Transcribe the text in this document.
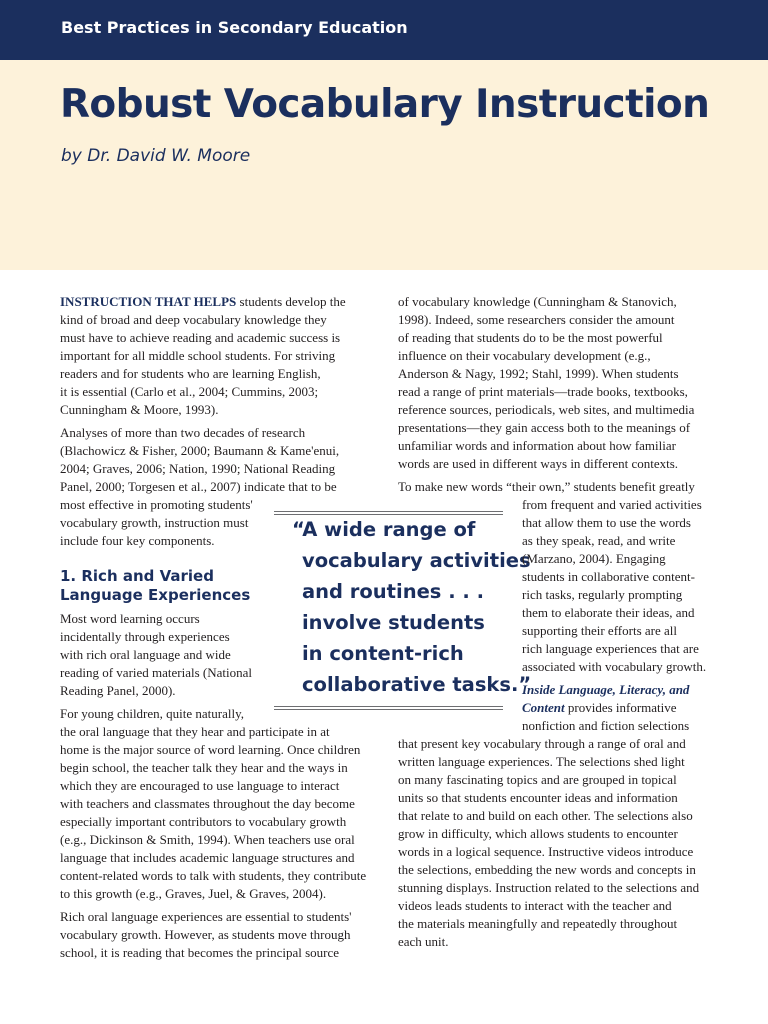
Best Practices in Secondary Education
Robust Vocabulary Instruction
by Dr. David W. Moore
INSTRUCTION THAT HELPS students develop the
kind of broad and deep vocabulary knowledge they
must have to achieve reading and academic success is
important for all middle school students. For striving
readers and for students who are learning English,
it is essential (Carlo et al., 2004; Cummins, 2003;
Cunningham & Moore, 1993).
Analyses of more than two decades of research
(Blachowicz & Fisher, 2000; Baumann & Kame'enui,
2004; Graves, 2006; Nation, 1990; National Reading
Panel, 2000; Torgesen et al., 2007) indicate that to be
most effective in promoting students'
vocabulary growth, instruction must
include four key components.
1. Rich and Varied
Language Experiences
Most word learning occurs
incidentally through experiences
with rich oral language and wide
reading of varied materials (National
Reading Panel, 2000).
For young children, quite naturally,
the oral language that they hear and participate in at
home is the major source of word learning. Once children
begin school, the teacher talk they hear and the ways in
which they are encouraged to use language to interact
with teachers and classmates throughout the day become
especially important contributors to vocabulary growth
(e.g., Dickinson & Smith, 1994). When teachers use oral
language that includes academic language structures and
content-related words to talk with students, they contribute
to this growth (e.g., Graves, Juel, & Graves, 2004).
Rich oral language experiences are essential to students'
vocabulary growth. However, as students move through
school, it is reading that becomes the principal source
“A wide range of
vocabulary activities
and routines . . .
involve students
in content-rich
collaborative tasks.”
of vocabulary knowledge (Cunningham & Stanovich,
1998). Indeed, some researchers consider the amount
of reading that students do to be the most powerful
influence on their vocabulary development (e.g.,
Anderson & Nagy, 1992; Stahl, 1999). When students
read a range of print materials—trade books, textbooks,
reference sources, periodicals, web sites, and multimedia
presentations—they gain access both to the meanings of
unfamiliar words and information about how familiar
words are used in different ways in different contexts.
To make new words “their own,” students benefit greatly
from frequent and varied activities
that allow them to use the words
as they speak, read, and write
(Marzano, 2004). Engaging
students in collaborative content-
rich tasks, regularly prompting
them to elaborate their ideas, and
supporting their efforts are all
rich language experiences that are
associated with vocabulary growth.
Inside Language, Literacy, and
Content provides informative
nonfiction and fiction selections
that present key vocabulary through a range of oral and
written language experiences. The selections shed light
on many fascinating topics and are grouped in topical
units so that students encounter ideas and information
that relate to and build on each other. The selections also
grow in difficulty, which allows students to encounter
words in a logical sequence. Instructive videos introduce
the selections, embedding the new words and concepts in
stunning displays. Instruction related to the selections and
videos leads students to interact with the teacher and
the materials meaningfully and repeatedly throughout
each unit.
